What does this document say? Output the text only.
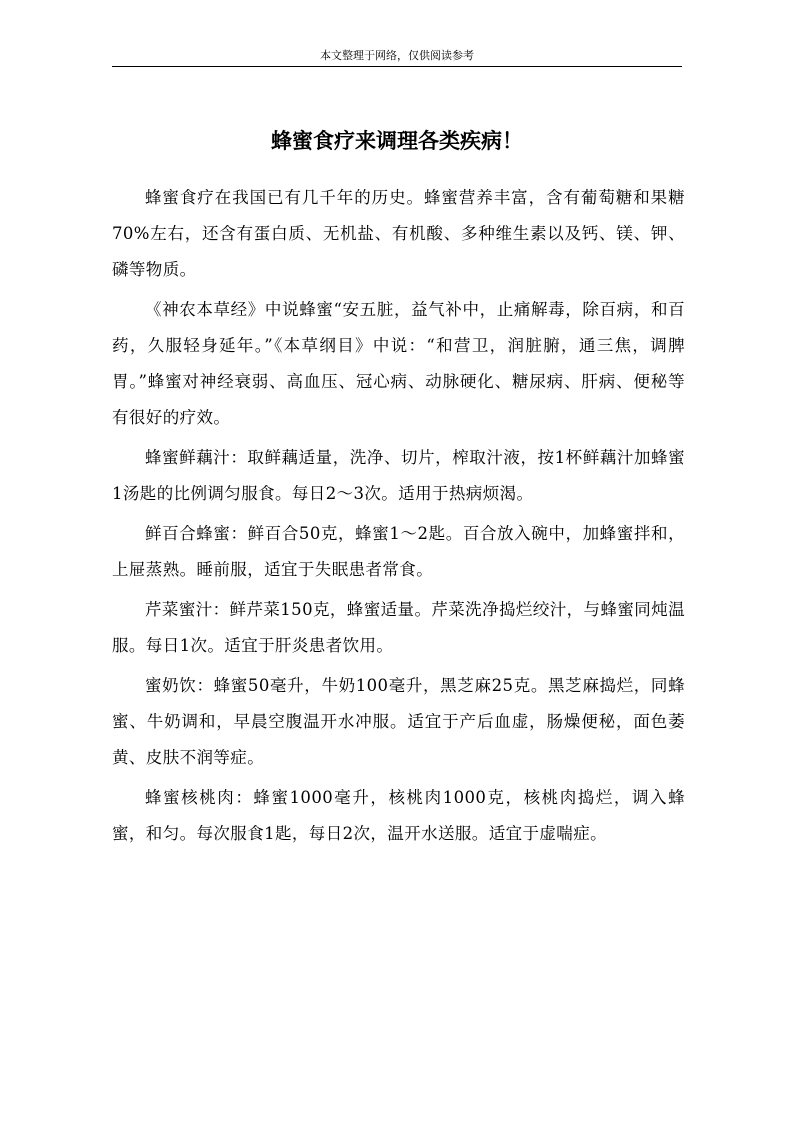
本文整理于网络，仅供阅读参考
蜂蜜食疗来调理各类疾病！

蜂蜜食疗在我国已有几千年的历史。蜂蜜营养丰富，含有葡萄糖和果糖70%左右，还含有蛋白质、无机盐、有机酸、多种维生素以及钙、镁、钾、磷等物质。

《神农本草经》中说蜂蜜“安五脏，益气补中，止痛解毒，除百病，和百药，久服轻身延年。”《本草纲目》中说：“和营卫，润脏腑，通三焦，调脾胃。”蜂蜜对神经衰弱、高血压、冠心病、动脉硬化、糖尿病、肝病、便秘等有很好的疗效。

蜂蜜鲜藕汁：取鲜藕适量，洗净、切片，榨取汁液，按1杯鲜藕汁加蜂蜜1汤匙的比例调匀服食。每日2～3次。适用于热病烦渴。

鲜百合蜂蜜：鲜百合50克，蜂蜜1～2匙。百合放入碗中，加蜂蜜拌和，上屉蒸熟。睡前服，适宜于失眠患者常食。

芹菜蜜汁：鲜芹菜150克，蜂蜜适量。芹菜洗净捣烂绞汁，与蜂蜜同炖温服。每日1次。适宜于肝炎患者饮用。

蜜奶饮：蜂蜜50毫升，牛奶100毫升，黑芝麻25克。黑芝麻捣烂，同蜂蜜、牛奶调和，早晨空腹温开水冲服。适宜于产后血虚，肠燥便秘，面色萎黄、皮肤不润等症。

蜂蜜核桃肉：蜂蜜1000毫升，核桃肉1000克，核桃肉捣烂，调入蜂蜜，和匀。每次服食1匙，每日2次，温开水送服。适宜于虚喘症。
